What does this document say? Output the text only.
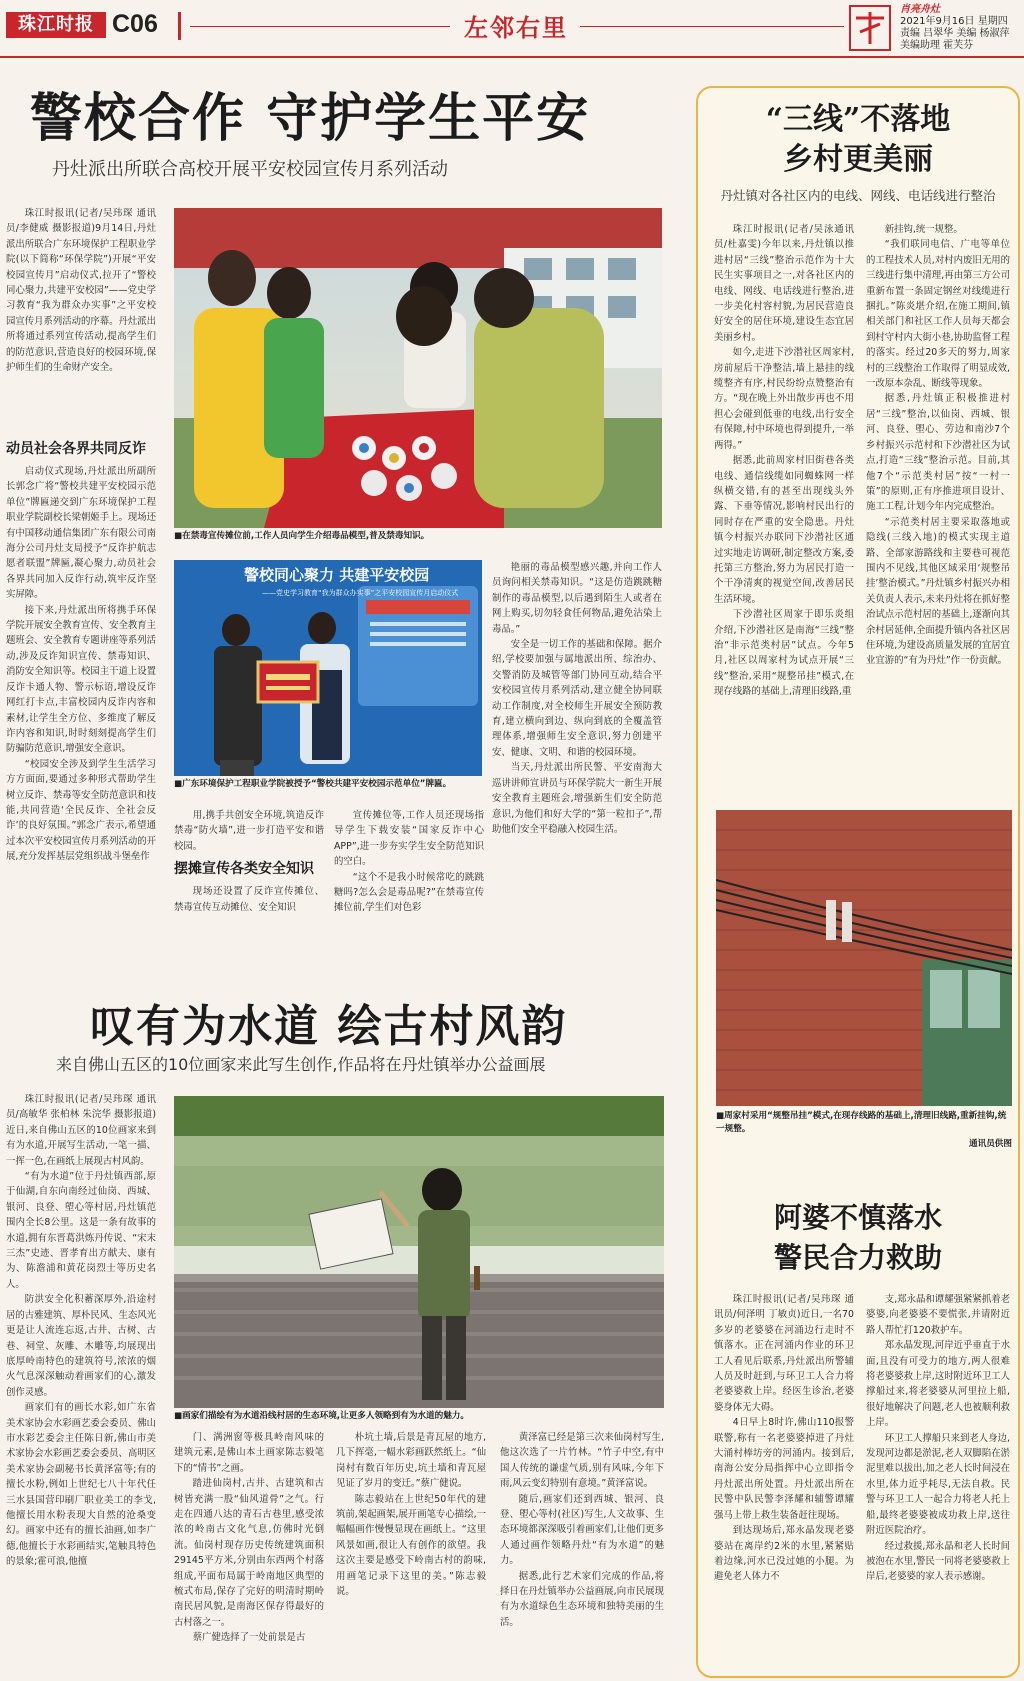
珠江时报 C06	左邻右里
肖亮舟灶
2021年9月16日 星期四
责编 吕翠华 美编 杨淑萍
美编助理 霍芙芬
警校合作 守护学生平安
丹灶派出所联合高校开展平安校园宣传月系列活动

珠江时报讯(记者/吴玮琛 通讯员/李健威 摄影报道)9月14日,丹灶派出所联合广东环境保护工程职业学院(以下简称“环保学院”)开展“平安校园宣传月”启动仪式,拉开了“警校同心聚力,共建平安校园”——党史学习教育“我为群众办实事”之平安校园宣传月系列活动的序幕。丹灶派出所将通过系列宣传活动,提高学生们的防范意识,营造良好的校园环境,保护师生们的生命财产安全。

动员社会各界共同反诈

启动仪式现场,丹灶派出所副所长郭念广将“警校共建平安校园示范单位”牌匾递交到广东环境保护工程职业学院副校长梁朝姬手上。现场还有中国移动通信集团广东有限公司南海分公司丹灶支局授予“反诈护航志愿者联盟”牌匾,凝心聚力,动员社会各界共同加入反诈行动,筑牢反诈坚实屏障。

接下来,丹灶派出所将携手环保学院开展安全教育宣传、安全教育主题班会、安全教育专题讲座等系列活动,涉及反诈知识宣传、禁毒知识、消防安全知识等。校园主干道上设置反诈卡通人物、警示标语,增设反诈网红打卡点,丰富校园内反诈内容和素材,让学生全方位、多维度了解反诈内容和知识,时时刻刻提高学生们防骗防范意识,增强安全意识。

“校园安全涉及到学生生活学习方方面面,要通过多种形式帮助学生树立反诈、禁毒等安全防范意识和技能,共同营造‘全民反诈、全社会反诈’的良好氛围。”郭念广表示,希望通过本次平安校园宣传月系列活动的开展,充分发挥基层党组织战斗堡垒作

■在禁毒宣传摊位前,工作人员向学生介绍毒品模型,普及禁毒知识。
警校同心聚力 共建平安校园
——党史学习教育“我为群众办实事”之平安校园宣传月启动仪式
■广东环境保护工程职业学院被授予“警校共建平安校园示范单位”牌匾。

用,携手共创安全环境,筑造反诈禁毒“防火墙”,进一步打造平安和谐校园。

摆摊宣传各类安全知识

现场还设置了反诈宣传摊位、禁毒宣传互动摊位、安全知识

宣传摊位等,工作人员还现场指导学生下载安装“国家反诈中心APP”,进一步夯实学生安全防范知识的空白。

“这个不是我小时候常吃的跳跳糖吗?怎么会是毒品呢?”在禁毒宣传摊位前,学生们对色彩

艳丽的毒品模型感兴趣,并向工作人员询问相关禁毒知识。“这是仿造跳跳糖制作的毒品模型,以后遇到陌生人或者在网上购买,切勿轻食任何物品,避免沾染上毒品。”

安全是一切工作的基础和保障。据介绍,学校要加强与属地派出所、综治办、交警消防及城管等部门协同互动,结合平安校园宣传月系列活动,建立健全协同联动工作制度,对全校师生开展安全预防教育,建立横向到边、纵向到底的全覆盖管理体系,增强师生安全意识,努力创建平安、健康、文明、和谐的校园环境。

当天,丹灶派出所民警、平安南海大巡讲讲师宣讲员与环保学院大一新生开展安全教育主题班会,增强新生们安全防范意识,为他们和好大学的“第一粒扣子”,帮助他们安全平稳融入校园生活。

叹有为水道 绘古村风韵
来自佛山五区的10位画家来此写生创作,作品将在丹灶镇举办公益画展

珠江时报讯(记者/吴玮琛 通讯员/高敏华 张柏林 朱浣华 摄影报道)近日,来自佛山五区的10位画家来到有为水道,开展写生活动,一笔一描、一挥一色,在画纸上展现古村风韵。

“有为水道”位于丹灶镇西部,原于仙湖,自东向南经过仙岗、西城、银河、良登、塱心等村居,丹灶镇范围内全长8公里。这是一条有故事的水道,拥有东晋葛洪炼丹传说、“宋末三杰”史迹、晋孝育出方献夫、康有为、陈澹浦和黄花岗烈士等历史名人。

防洪安全化积蓄深厚外,沿途村居的古雅建筑、厚朴民风、生态风光更是让人流连忘返,古井、古树、古巷、祠堂、灰雕、木雕等,均展现出底厚岭南特色的建筑符号,浓浓的烟火气息深深触动着画家们的心,激发创作灵感。

画家们有的画长水彩,如广东省美术家协会水彩画艺委会委员、佛山市水彩艺委会主任陈日新,佛山市美术家协会水彩画艺委会委员、高明区美术家协会副秘书长黄泽富等;有的擅长水粉,例如上世纪七八十年代任三水县国营印刷厂职业美工的李戈,他擅长用水粉表现大自然的沧桑变幻。画家中还有的擅长油画,如李广德,他擅长于水彩画结实,笔触具特色的景象;霍可浪,他擅

■画家们描绘有为水道沿线村居的生态环境,让更多人领略到有为水道的魅力。

门、满洲窗等极具岭南风味的建筑元素,是佛山本土画家陈志毅笔下的“情书”之画。

踏进仙岗村,古井、古建筑和古树皆充满一股“仙风道骨”之气。行走在四通八达的青石古巷里,感受浓浓的岭南古文化气息,仿佛时光倒流。仙岗村现存历史传统建筑面积29145平方米,分别由东西两个村落组成,平面布局属于岭南地区典型的梳式布局,保存了完好的明清时期岭南民居风貌,是南海区保存得最好的古村落之一。

蔡广健选择了一处前景是古

朴坑土墙,后景是青瓦屋的地方,几下挥毫,一幅水彩画跃然纸上。“仙岗村有数百年历史,坑土墙和青瓦屋见证了岁月的变迁。”蔡广健说。

陈志毅站在上世纪50年代的建筑前,架起画架,展开画笔专心描绘,一幅幅画作慢慢显现在画纸上。“这里风景如画,很让人有创作的欲望。我这次主要是感受下岭南古村的韵味,用画笔记录下这里的美。”陈志毅说。

黄泽富已经是第三次来仙岗村写生,他这次选了一片竹林。“竹子中空,有中国人传统的谦虚气质,别有风味,今年下雨,风云变幻特别有意境。”黄泽富说。

随后,画家们还到西城、银河、良登、塱心等村(社区)写生,人文故事、生态环境都深深吸引着画家们,让他们更多人通过画作领略丹灶“有为水道”的魅力。

据悉,此行艺术家们完成的作品,将择日在丹灶镇举办公益画展,向市民展现有为水道绿色生态环境和独特美丽的生活。

“三线”不落地
乡村更美丽
丹灶镇对各社区内的电线、网线、电话线进行整治

珠江时报讯(记者/吴泳通讯员/杜嘉雯)今年以来,丹灶镇以推进村居“三线”整治示范作为十大民生实事项目之一,对各社区内的电线、网线、电话线进行整治,进一步美化村容村貌,为居民营造良好安全的居住环境,建设生态宜居美丽乡村。

如今,走进下沙潜社区周家村,房前屋后干净整洁,墙上悬挂的线缆整齐有序,村民纷纷点赞整治有方。“现在晚上外出散步再也不用担心会碰到低垂的电线,出行安全有保障,村中环境也得到提升,一举两得。”

据悉,此前周家村旧街巷各类电线、通信线缆如同蜘蛛网一样纵横交错,有的甚至出现线头外露、下垂等情况,影响村民出行的同时存在严重的安全隐患。丹灶镇今村振兴办联同下沙潜社区通过实地走访调研,制定整改方案,委托第三方整治,努力为居民打造一个干净清爽的视觉空间,改善居民生活环境。

下沙潜社区周家于即乐炎组介绍,下沙潜社区是南海“三线”整治“非示范类村居”试点。今年5月,社区以周家村为试点开展“三线”整治,采用“规整吊挂”模式,在现存线路的基础上,清理旧线路,重

新挂钩,统一规整。

“我们联同电信、广电等单位的工程技术人员,对村内废旧无用的三线进行集中清理,再由第三方公司重新布置一条固定钢丝对线缆进行捆扎。”陈炎堪介绍,在施工期间,镇相关部门和社区工作人员每天都会到村守村内大街小巷,协助监督工程的落实。经过20多天的努力,周家村的三线整治工作取得了明显成效,一改原本杂乱、断线等现象。

据悉,丹灶镇正积极推进村居“三线”整治,以仙岗、西城、银河、良登、塱心、劳边和南沙7个乡村振兴示范村和下沙潜社区为试点,打造“三线”整治示范。目前,其他7个“示范类村居”按“一村一策”的原则,正有序推进项目设计、施工工程,计划今年内完成整治。

“示范类村居主要采取落地或隐线(三线入地)的模式实现主道路、全部家游路线和主要巷可视范围内不见线,其他区域采用‘规整吊挂’整治模式。”丹灶镇乡村振兴办相关负责人表示,未来丹灶将在抓好整治试点示范村居的基础上,逐渐向其余村居延伸,全面提升镇内各社区居住环境,为建设高质量发展的宜居宜业宜游的“有为丹灶”作一份贡献。

■周家村采用“规整吊挂”模式,在现存线路的基础上,清理旧线路,重新挂钩,统一规整。
通讯员供图
阿婆不慎落水
警民合力救助

珠江时报讯(记者/吴玮琛 通讯员/何泽明 丁敏贞)近日,一名70多岁的老婆婆在河涌边行走时不慎落水。正在河涌内作业的环卫工人看见后联系,丹灶派出所警辅人员及时赶到,与环卫工人合力将老婆婆救上岸。经医生诊治,老婆婆身体无大碍。

4日早上8时许,佛山110报警联警,称有一名老婆婆掉进了丹灶大涌村棒坊旁的河涌内。接到后,南海公安分局指挥中心立即指令丹灶派出所处置。丹灶派出所在民警中队民警李泽耀和辅警谭耀强马上带上救生装备赶往现场。

到达现场后,郑永晶发现老婆婆站在离岸约2米的水里,紧紧贴着边缘,河水已没过她的小腿。为避免老人体力不

支,郑永晶和谭耀强紧紧抓着老婆婆,向老婆婆不要慌张,并请附近路人帮忙打120救护车。

郑永晶发现,河岸近乎垂直于水面,且没有可受力的地方,两人很难将老婆婆救上岸,这时附近环卫工人撑船过来,将老婆婆从河里拉上船,很好地解决了问题,老人也被顺利救上岸。

环卫工人撑船只来到老人身边,发现河边都是淤泥,老人双脚陷在淤泥里难以拔出,加之老人长时间浸在水里,体力近乎耗尽,无法自救。民警与环卫工人一起合力将老人托上船,最终老婆婆被成功救上岸,送往附近医院治疗。

经过救援,郑永晶和老人长时间被泡在水里,警民一同将老婆婆救上岸后,老婆婆的家人表示感谢。
